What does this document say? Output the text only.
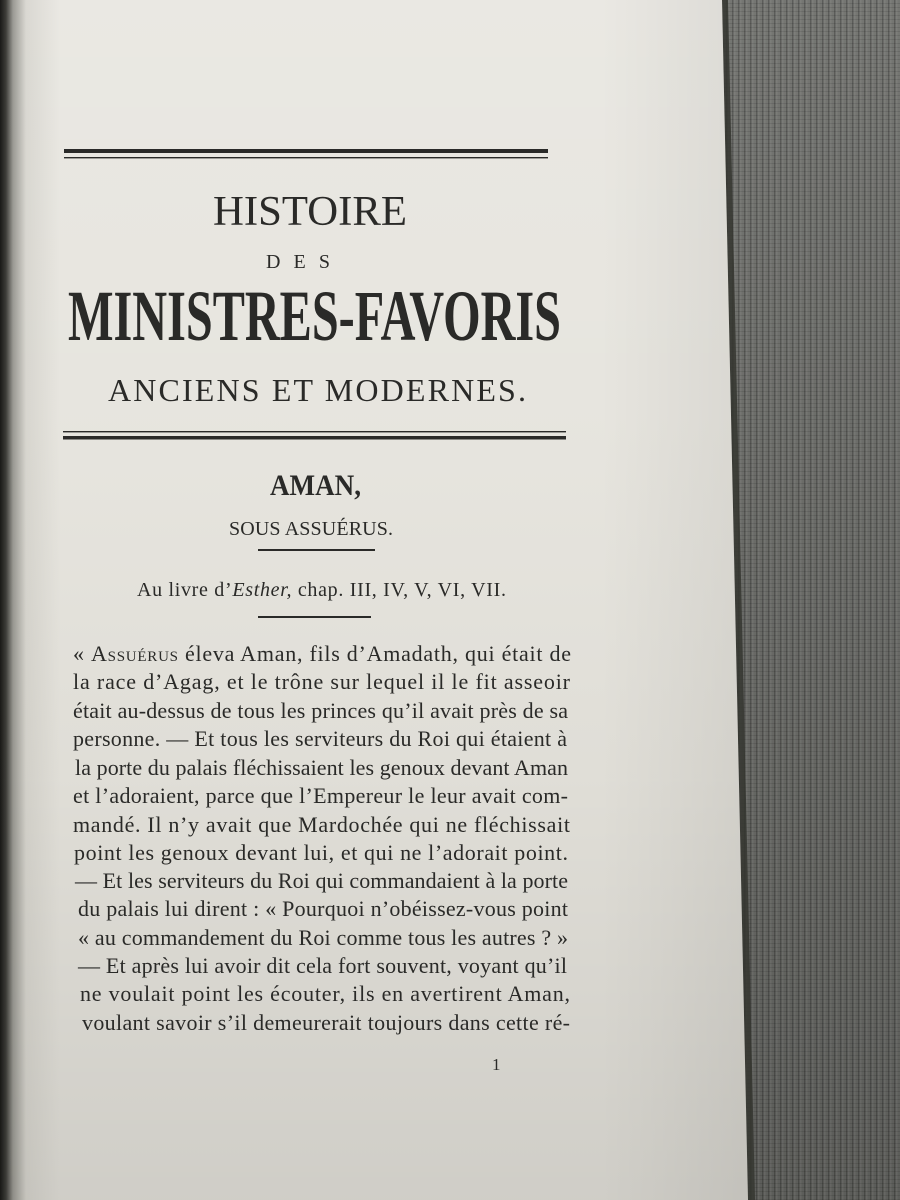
HISTOIRE
DES
MINISTRES-FAVORIS
ANCIENS ET MODERNES.
AMAN,
SOUS ASSUÉRUS.
Au livre d’Esther, chap. III, IV, V, VI, VII.
« Assuérus éleva Aman, fils d’Amadath, qui était de
la race d’Agag, et le trône sur lequel il le fit asseoir
était au-dessus de tous les princes qu’il avait près de sa
personne. — Et tous les serviteurs du Roi qui étaient à
la porte du palais fléchissaient les genoux devant Aman
et l’adoraient, parce que l’Empereur le leur avait com-
mandé. Il n’y avait que Mardochée qui ne fléchissait
point les genoux devant lui, et qui ne l’adorait point.
— Et les serviteurs du Roi qui commandaient à la porte
du palais lui dirent : « Pourquoi n’obéissez-vous point
« au commandement du Roi comme tous les autres ? »
— Et après lui avoir dit cela fort souvent, voyant qu’il
ne voulait point les écouter, ils en avertirent Aman,
voulant savoir s’il demeurerait toujours dans cette ré-
1
